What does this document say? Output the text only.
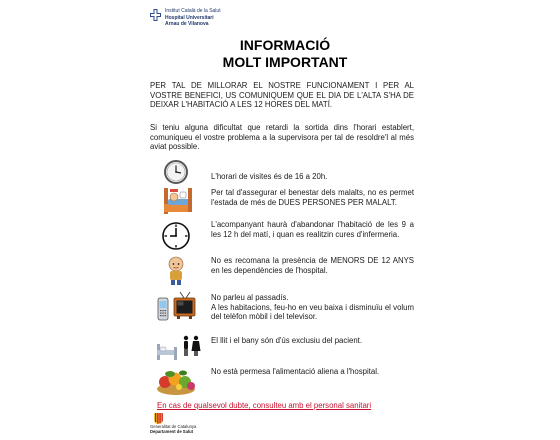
Institut Català de la Salut
Hospital Universitari
Arnau de Vilanova
INFORMACIÓ
MOLT IMPORTANT
PER TAL DE MILLORAR EL NOSTRE FUNCIONAMENT I PER AL VOSTRE BENEFICI, US COMUNIQUEM QUE EL DIA DE L'ALTA S'HA DE DEIXAR L'HABITACIÓ A LES 12 HORES DEL MATÍ.
Si teniu alguna dificultat que retardi la sortida dins l'horari establert, comuniqueu el vostre problema a la supervisora per tal de resoldre'l al més aviat possible.
L'horari de visites és de 16 a 20h.
Per tal d'assegurar el benestar dels malalts, no es permet l'estada de més de DUES PERSONES PER MALALT.
L'acompanyant haurà d'abandonar l'habitació de les 9 a les 12 h del matí, i quan es realitzin cures d'infermeria.
No es recomana la presència de MENORS DE 12 ANYS en les dependències de l'hospital.
No parleu al passadís.
A les habitacions, feu-ho en veu baixa i disminuïu el volum del telèfon mòbil i del televisor.
El llit i el bany són d'ús exclusiu del pacient.
No està permesa l'alimentació aliena a l'hospital.
En cas de qualsevol dubte, consulteu amb el personal sanitari
Generalitat de Catalunya
Departament de Salut
